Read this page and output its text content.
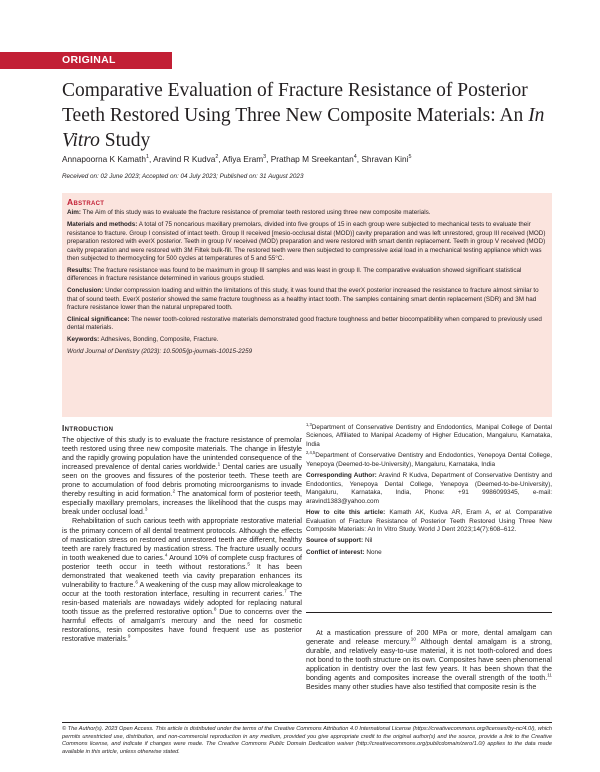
ORIGINAL RESEARCH
Comparative Evaluation of Fracture Resistance of Posterior Teeth Restored Using Three New Composite Materials: An In Vitro Study
Annapoorna K Kamath$^1$, Aravind R Kudva$^2$, Afiya Eram$^3$, Prathap M Sreekantan$^4$, Shravan Kini$^5$
Received on: 02 June 2023; Accepted on: 04 July 2023; Published on: 31 August 2023
Abstract

Aim: The Aim of this study was to evaluate the fracture resistance of premolar teeth restored using three new composite materials.

Materials and methods: A total of 75 noncarious maxillary premolars, divided into five groups of 15 in each group were subjected to mechanical tests to evaluate their resistance to fracture. Group I consisted of intact teeth. Group II received [mesio-occlusal distal (MOD)] cavity preparation and was left unrestored, group III received (MOD) preparation restored with everX posterior. Teeth in group IV received (MOD) preparation and were restored with smart dentin replacement. Teeth in group V received (MOD) cavity preparation and were restored with 3M Filtek bulk-fill. The restored teeth were then subjected to compressive axial load in a mechanical testing appliance which was then subjected to thermocycling for 500 cycles at temperatures of 5 and 55°C.

Results: The fracture resistance was found to be maximum in group III samples and was least in group II. The comparative evaluation showed significant statistical differences in fracture resistance determined in various groups studied.

Conclusion: Under compression loading and within the limitations of this study, it was found that the everX posterior increased the resistance to fracture almost similar to that of sound teeth. EverX posterior showed the same fracture toughness as a healthy intact tooth. The samples containing smart dentin replacement (SDR) and 3M had fracture resistance lower than the natural unprepared tooth.

Clinical significance: The newer tooth-colored restorative materials demonstrated good fracture toughness and better biocompatibility when compared to previously used dental materials.

Keywords: Adhesives, Bonding, Composite, Fracture.

World Journal of Dentistry (2023): 10.5005/jp-journals-10015-2259

Introduction

The objective of this study is to evaluate the fracture resistance of premolar teeth restored using three new composite materials. The change in lifestyle and the rapidly growing population have the unintended consequence of the increased prevalence of dental caries worldwide.$^1$ Dental caries are usually seen on the grooves and fissures of the posterior teeth. These teeth are prone to accumulation of food debris promoting microorganisms to invade thereby resulting in acid formation.$^2$ The anatomical form of posterior teeth, especially maxillary premolars, increases the likelihood that the cusps may break under occlusal load.$^3$

Rehabilitation of such carious teeth with appropriate restorative material is the primary concern of all dental treatment protocols. Although the effects of mastication stress on restored and unrestored teeth are different, healthy teeth are rarely fractured by mastication stress. The fracture usually occurs in tooth weakened due to caries.$^4$ Around 10% of complete cusp fractures of posterior teeth occur in teeth without restorations.$^5$ It has been demonstrated that weakened teeth via cavity preparation enhances its vulnerability to fracture.$^6$ A weakening of the cusp may allow microleakage to occur at the tooth restoration interface, resulting in recurrent caries.$^7$ The resin-based materials are nowadays widely adopted for replacing natural tooth tissue as the preferred restorative option.$^8$ Due to concerns over the harmful effects of amalgam's mercury and the need for cosmetic restorations, resin composites have found frequent use as posterior restorative materials.$^9$

$^{1,3}$Department of Conservative Dentistry and Endodontics, Manipal College of Dental Sciences, Affiliated to Manipal Academy of Higher Education, Mangaluru, Karnataka, India

$^{2,4,5}$Department of Conservative Dentistry and Endodontics, Yenepoya Dental College, Yenepoya (Deemed-to-be-University), Mangaluru, Karnataka, India

Corresponding Author: Aravind R Kudva, Department of Conservative Dentistry and Endodontics, Yenepoya Dental College, Yenepoya (Deemed-to-be-University), Mangaluru, Karnataka, India, Phone: +91 9986099345, e-mail: aravind1383@yahoo.com

How to cite this article: Kamath AK, Kudva AR, Eram A, et al. Comparative Evaluation of Fracture Resistance of Posterior Teeth Restored Using Three New Composite Materials: An In Vitro Study. World J Dent 2023;14(7):608–612.

Source of support: Nil

Conflict of interest: None

At a mastication pressure of 200 MPa or more, dental amalgam can generate and release mercury.$^{10}$ Although dental amalgam is a strong, durable, and relatively easy-to-use material, it is not tooth-colored and does not bond to the tooth structure on its own. Composites have seen phenomenal application in dentistry over the last few years. It has been shown that the bonding agents and composites increase the overall strength of the tooth.$^{11}$ Besides many other studies have also testified that composite resin is the

© The Author(s). 2023 Open Access. This article is distributed under the terms of the Creative Commons Attribution 4.0 International License (https://creativecommons.org/licenses/by-nc/4.0/), which permits unrestricted use, distribution, and non-commercial reproduction in any medium, provided you give appropriate credit to the original author(s) and the source, provide a link to the Creative Commons license, and indicate if changes were made. The Creative Commons Public Domain Dedication waiver (http://creativecommons.org/publicdomain/zero/1.0/) applies to the data made available in this article, unless otherwise stated.
